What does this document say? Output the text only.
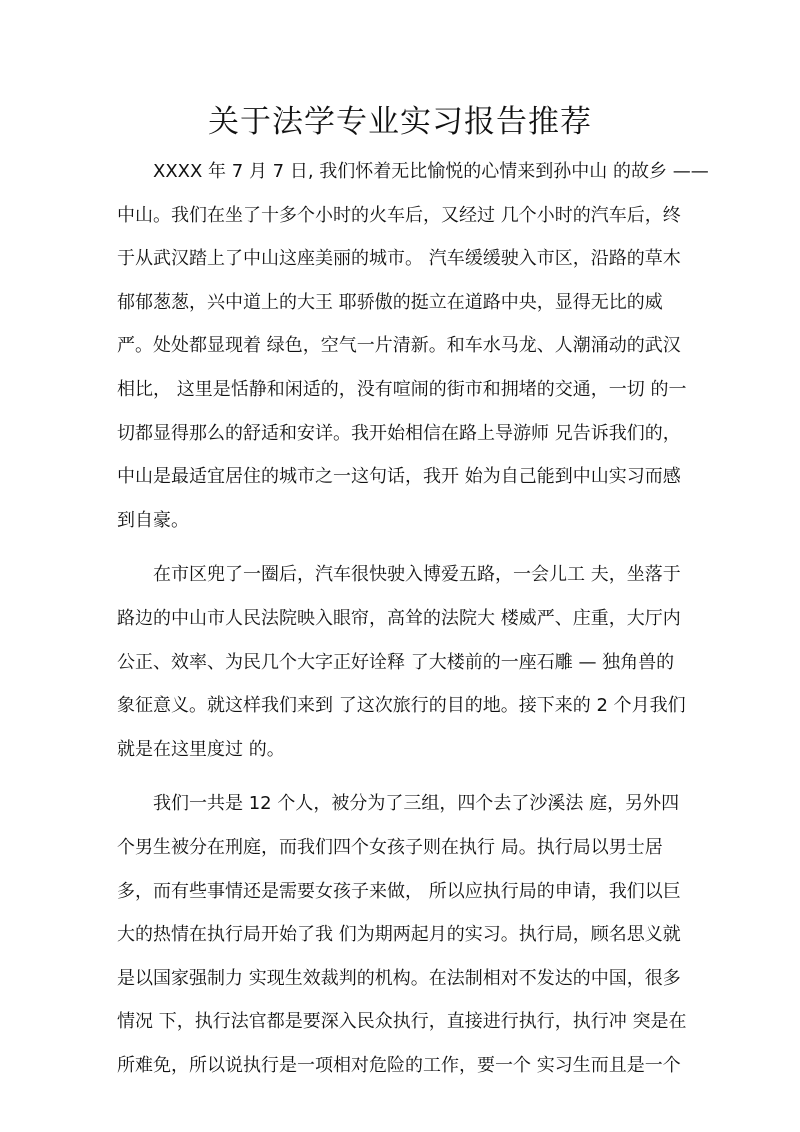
关于法学专业实习报告推荐
XXXX 年 7 月 7 日, 我们怀着无比愉悦的心情来到孙中山 的故乡 ——
中山。我们在坐了十多个小时的火车后，又经过 几个小时的汽车后，终
于从武汉踏上了中山这座美丽的城市。 汽车缓缓驶入市区，沿路的草木
郁郁葱葱，兴中道上的大王 耶骄傲的挺立在道路中央，显得无比的威
严。处处都显现着 绿色，空气一片清新。和车水马龙、人潮涌动的武汉
相比， 这里是恬静和闲适的，没有喧闹的街市和拥堵的交通，一切 的一
切都显得那么的舒适和安详。我开始相信在路上导游师 兄告诉我们的，
中山是最适宜居住的城市之一这句话，我开 始为自己能到中山实习而感
到自豪。
在市区兜了一圈后，汽车很快驶入博爱五路，一会儿工 夫，坐落于
路边的中山市人民法院映入眼帘，高耸的法院大 楼威严、庄重，大厅内
公正、效率、为民几个大字正好诠释 了大楼前的一座石雕 — 独角兽的
象征意义。就这样我们来到 了这次旅行的目的地。接下来的 2 个月我们
就是在这里度过 的。
我们一共是 12 个人，被分为了三组，四个去了沙溪法 庭，另外四
个男生被分在刑庭，而我们四个女孩子则在执行 局。执行局以男士居
多，而有些事情还是需要女孩子来做， 所以应执行局的申请，我们以巨
大的热情在执行局开始了我 们为期两起月的实习。执行局，顾名思义就
是以国家强制力 实现生效裁判的机构。在法制相对不发达的中国，很多
情况 下，执行法官都是要深入民众执行，直接进行执行，执行冲 突是在
所难免，所以说执行是一项相对危险的工作，要一个 实习生而且是一个
